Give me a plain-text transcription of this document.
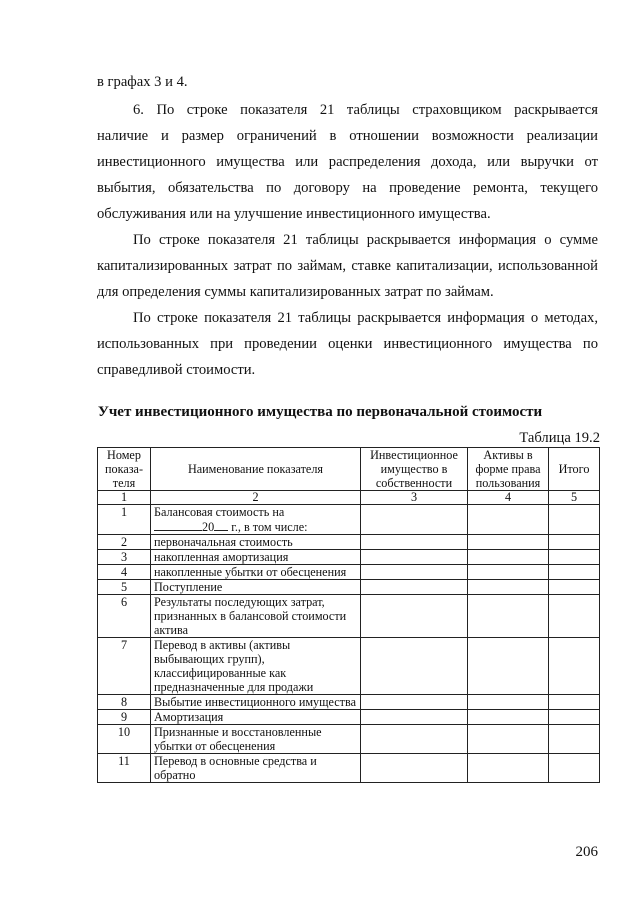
в графах 3 и 4.
6. По строке показателя 21 таблицы страховщиком раскрывается
наличие и размер ограничений в отношении возможности реализации
инвестиционного имущества или распределения дохода, или выручки от
выбытия, обязательства по договору на проведение ремонта, текущего
обслуживания или на улучшение инвестиционного имущества.
По строке показателя 21 таблицы раскрывается информация о сумме
капитализированных затрат по займам, ставке капитализации, использованной
для определения суммы капитализированных затрат по займам.
По строке показателя 21 таблицы раскрывается информация о методах,
использованных при проведении оценки инвестиционного имущества по
справедливой стоимости.
Учет инвестиционного имущества по первоначальной стоимости
Таблица 19.2
Номер показа-теля	Наименование показателя	Инвестиционное имущество в собственности	Активы в форме права пользования	Итого
1	2	3	4	5
1	Балансовая стоимость на
20 г., в том числе:			
2	первоначальная стоимость			
3	накопленная амортизация			
4	накопленные убытки от обесценения			
5	Поступление			
6	Результаты последующих затрат, признанных в балансовой стоимости актива			
7	Перевод в активы (активы выбывающих групп), классифицированные как предназначенные для продажи			
8	Выбытие инвестиционного имущества			
9	Амортизация			
10	Признанные и восстановленные убытки от обесценения			
11	Перевод в основные средства и обратно			
206
